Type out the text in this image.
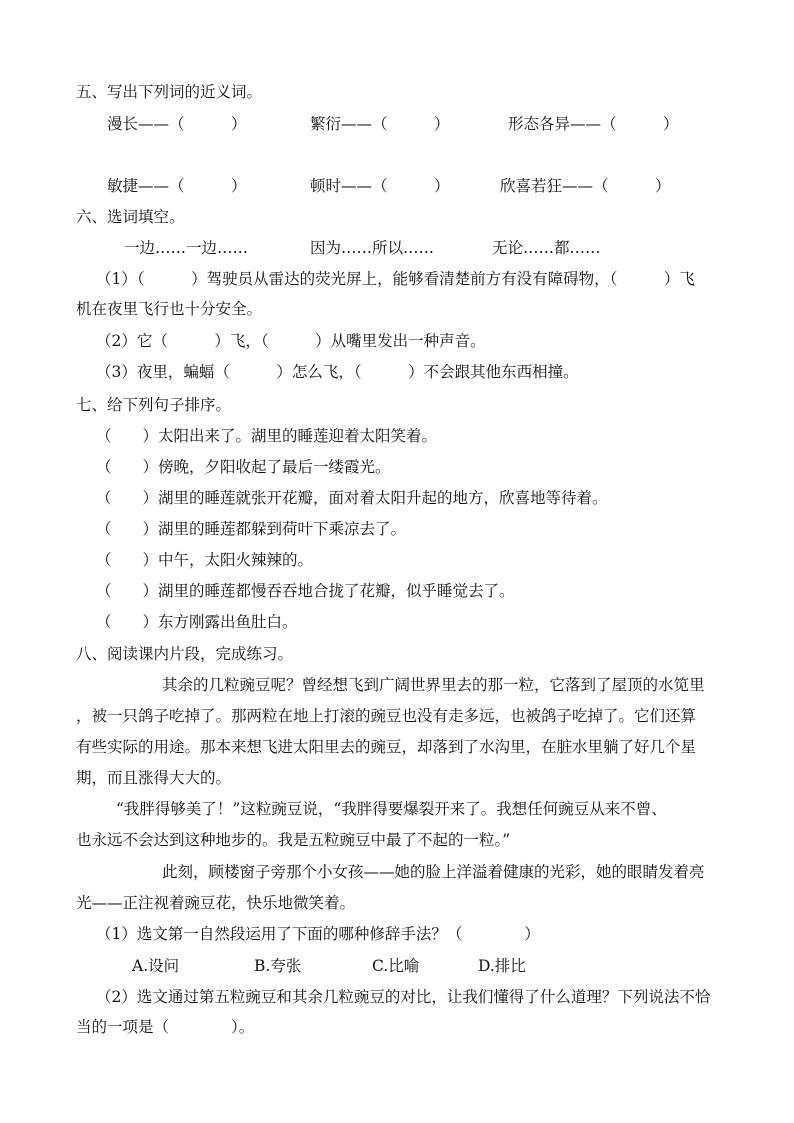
五、写出下列词的近义词。
漫长——（　　　）	繁衍——（　　　）	形态各异——（　　　）
敏捷——（　　　）	顿时——（　　　）	欣喜若狂——（　　　）
六、选词填空。
一边……一边……	因为……所以……	无论……都……
（1）（　　　）驾驶员从雷达的荧光屏上，能够看清楚前方有没有障碍物，（　　　）飞
机在夜里飞行也十分安全。
（2）它（　　　）飞，（　　　）从嘴里发出一种声音。
（3）夜里，蝙蝠（　　　）怎么飞，（　　　）不会跟其他东西相撞。
七、给下列句子排序。
（　　）太阳出来了。湖里的睡莲迎着太阳笑着。
（　　）傍晚，夕阳收起了最后一缕霞光。
（　　）湖里的睡莲就张开花瓣，面对着太阳升起的地方，欣喜地等待着。
（　　）湖里的睡莲都躲到荷叶下乘凉去了。
（　　）中午，太阳火辣辣的。
（　　）湖里的睡莲都慢吞吞地合拢了花瓣，似乎睡觉去了。
（　　）东方刚露出鱼肚白。
八、阅读课内片段，完成练习。
其余的几粒豌豆呢？曾经想飞到广阔世界里去的那一粒，它落到了屋顶的水笕里
，被一只鸽子吃掉了。那两粒在地上打滚的豌豆也没有走多远，也被鸽子吃掉了。它们还算
有些实际的用途。那本来想飞进太阳里去的豌豆，却落到了水沟里，在脏水里躺了好几个星
期，而且涨得大大的。
“我胖得够美了！”这粒豌豆说，“我胖得要爆裂开来了。我想任何豌豆从来不曾、
也永远不会达到这种地步的。我是五粒豌豆中最了不起的一粒。”
此刻，顾楼窗子旁那个小女孩——她的脸上洋溢着健康的光彩，她的眼睛发着亮
光——正注视着豌豆花，快乐地微笑着。
（1）选文第一自然段运用了下面的哪种修辞手法？（　　　　）
A.设问	B.夸张	C.比喻	D.排比
（2）选文通过第五粒豌豆和其余几粒豌豆的对比，让我们懂得了什么道理？下列说法不恰
当的一项是（　　　　）。
